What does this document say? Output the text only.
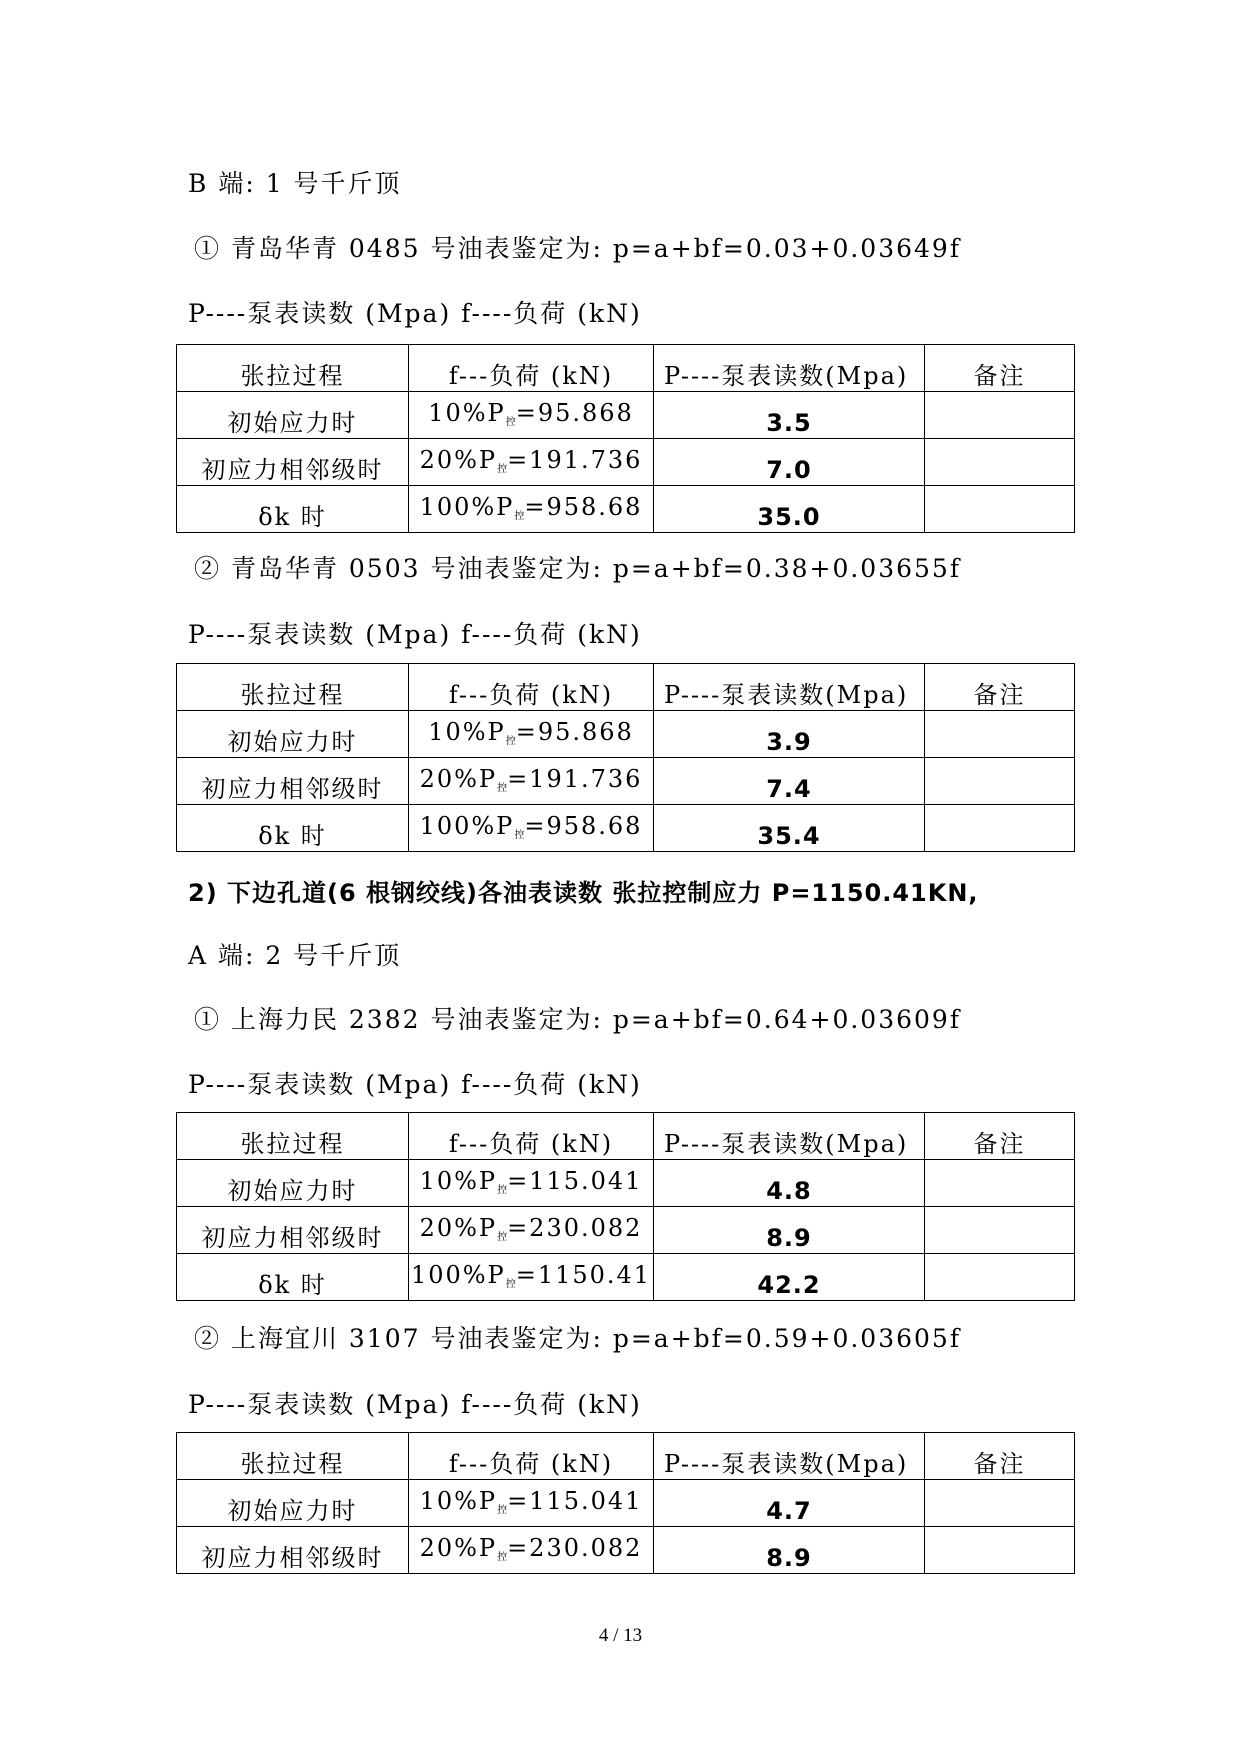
B 端: 1 号千斤顶
① 青岛华青 0485 号油表鉴定为: p=a+bf=0.03+0.03649f
P----泵表读数 (Mpa) f----负荷 (kN)
张拉过程	f---负荷 (kN)	P----泵表读数(Mpa)	备注
初始应力时	$10\%P_控=95.868$	3.5	
初应力相邻级时	$20\%P_控=191.736$	7.0	
δk 时	$100\%P_控=958.68$	35.0	
② 青岛华青 0503 号油表鉴定为: p=a+bf=0.38+0.03655f
P----泵表读数 (Mpa) f----负荷 (kN)
张拉过程	f---负荷 (kN)	P----泵表读数(Mpa)	备注
初始应力时	$10\%P_控=95.868$	3.9	
初应力相邻级时	$20\%P_控=191.736$	7.4	
δk 时	$100\%P_控=958.68$	35.4	
2) 下边孔道(6 根钢绞线)各油表读数 张拉控制应力 P=1150.41KN,
A 端: 2 号千斤顶
① 上海力民 2382 号油表鉴定为: p=a+bf=0.64+0.03609f
P----泵表读数 (Mpa) f----负荷 (kN)
张拉过程	f---负荷 (kN)	P----泵表读数(Mpa)	备注
初始应力时	$10\%P_控=115.041$	4.8	
初应力相邻级时	$20\%P_控=230.082$	8.9	
δk 时	$100\%P_控=1150.41$	42.2	
② 上海宜川 3107 号油表鉴定为: p=a+bf=0.59+0.03605f
P----泵表读数 (Mpa) f----负荷 (kN)
张拉过程	f---负荷 (kN)	P----泵表读数(Mpa)	备注
初始应力时	$10\%P_控=115.041$	4.7	
初应力相邻级时	$20\%P_控=230.082$	8.9	
4 / 13
